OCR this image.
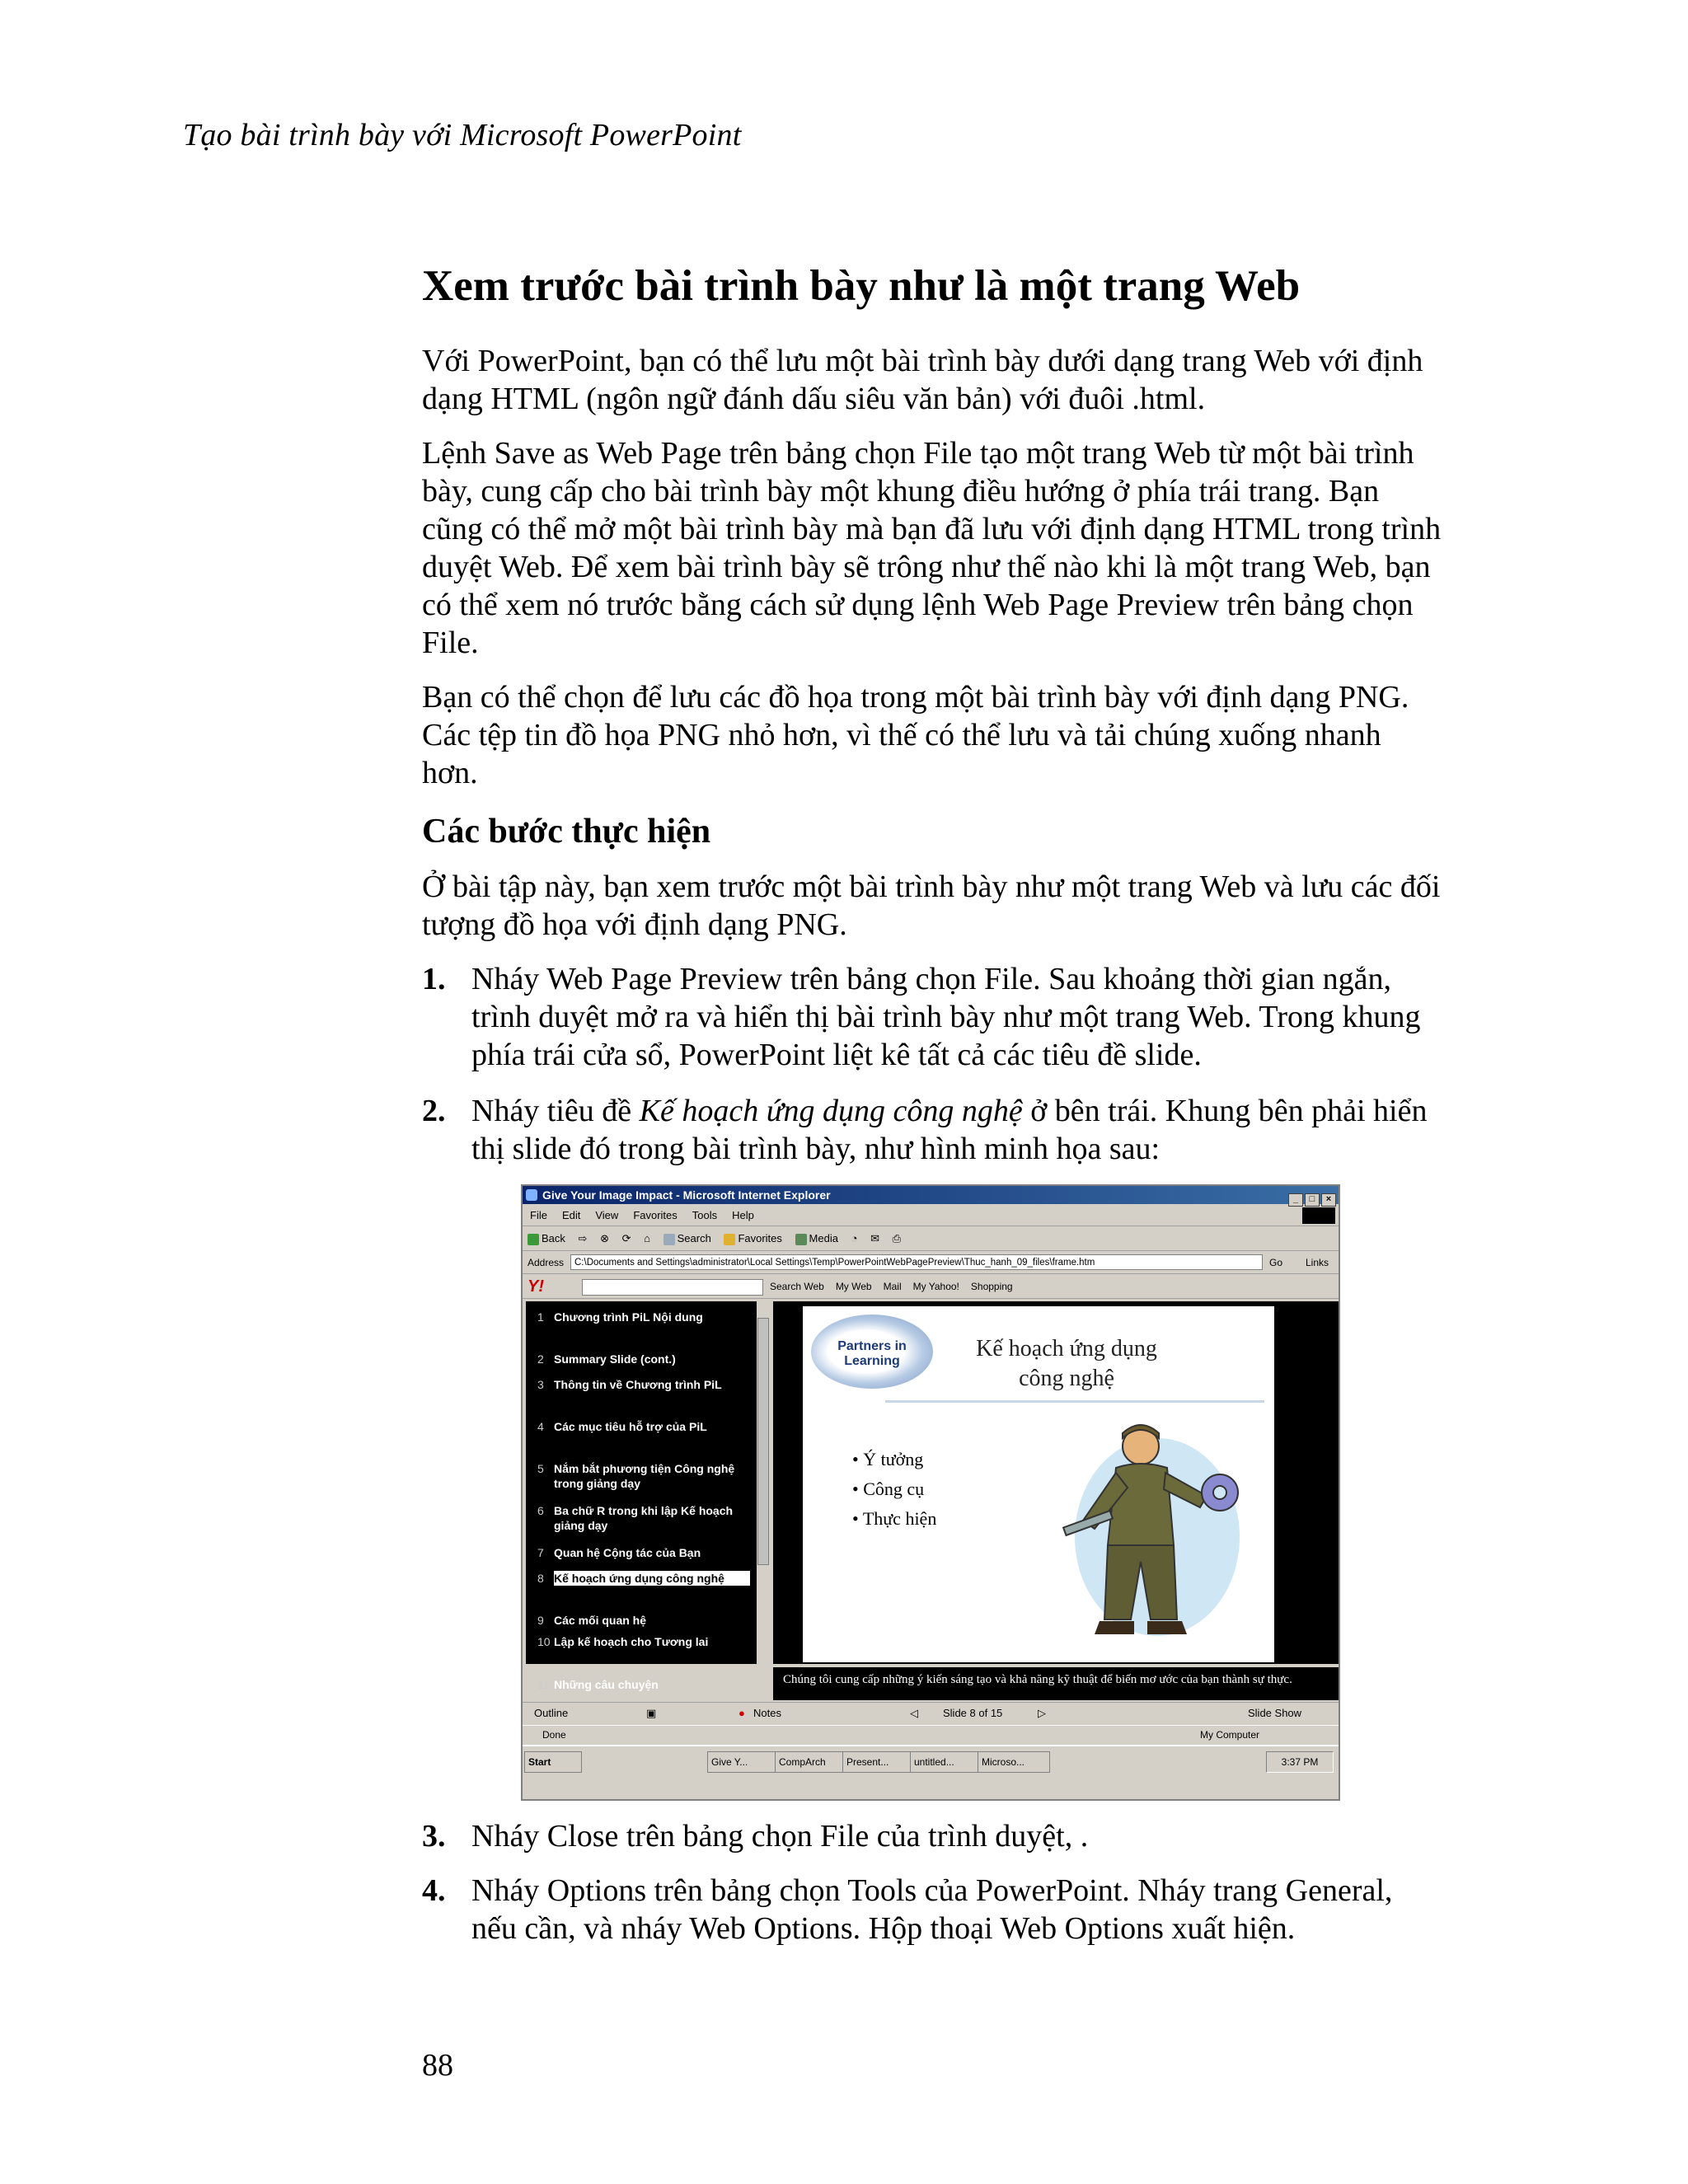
Tạo bài trình bày với Microsoft PowerPoint
Xem trước bài trình bày như là một trang Web

Với PowerPoint, bạn có thể lưu một bài trình bày dưới dạng trang Web với định dạng HTML (ngôn ngữ đánh dấu siêu văn bản) với đuôi .html.

Lệnh Save as Web Page trên bảng chọn File tạo một trang Web từ một bài trình bày, cung cấp cho bài trình bày một khung điều hướng ở phía trái trang. Bạn cũng có thể mở một bài trình bày mà bạn đã lưu với định dạng HTML trong trình duyệt Web. Để xem bài trình bày sẽ trông như thế nào khi là một trang Web, bạn có thể xem nó trước bằng cách sử dụng lệnh Web Page Preview trên bảng chọn File.

Bạn có thể chọn để lưu các đồ họa trong một bài trình bày với định dạng PNG. Các tệp tin đồ họa PNG nhỏ hơn, vì thế có thể lưu và tải chúng xuống nhanh hơn.

Các bước thực hiện

Ở bài tập này, bạn xem trước một bài trình bày như một trang Web và lưu các đối tượng đồ họa với định dạng PNG.

1. Nháy Web Page Preview trên bảng chọn File. Sau khoảng thời gian ngắn, trình duyệt mở ra và hiển thị bài trình bày như một trang Web. Trong khung phía trái cửa sổ, PowerPoint liệt kê tất cả các tiêu đề slide.
2. Nháy tiêu đề Kế hoạch ứng dụng công nghệ ở bên trái. Khung bên phải hiển thị slide đó trong bài trình bày, như hình minh họa sau:
3. Nháy Close trên bảng chọn File của trình duyệt, .
4. Nháy Options trên bảng chọn Tools của PowerPoint. Nháy trang General, nếu cần, và nháy Web Options. Hộp thoại Web Options xuất hiện.
Give Your Image Impact - Microsoft Internet Explorer	_ □ ×
File Edit View Favorites Tools Help
Back ⇨ ⊗ ⟳ ⌂	Search	Favorites	Media ◔ ✉ ⎙
Address	C:\Documents and Settings\administrator\Local Settings\Temp\PowerPointWebPagePreview\Thuc_hanh_09_files\frame.htm	Go Links
Y!	Search Web My Web Mail My Yahoo! Shopping
1 Chương trình PiL Nội dung
2 Summary Slide (cont.)
3 Thông tin về Chương trình PiL
4 Các mục tiêu hỗ trợ của PiL
5 Nắm bắt phương tiện Công nghệ trong giảng dạy
6 Ba chữ R trong khi lập Kế hoạch giảng dạy
7 Quan hệ Cộng tác của Bạn
8 Kế hoạch ứng dụng công nghệ
9 Các mối quan hệ
10 Lập kế hoạch cho Tương lai
11 Những câu chuyện
Partners in Learning	Kế hoạch ứng dụng công nghệ
• Ý tưởng
• Công cụ
• Thực hiện
Chúng tôi cung cấp những ý kiến sáng tạo và khả năng kỹ thuật để biến mơ ước của bạn thành sự thực.
Outline	▣	● Notes	◁ Slide 8 of 15	▷	Slide Show
Done	My Computer
Start	Give Y...	CompArch	Present...	untitled...	Microso...	3:37 PM
88
